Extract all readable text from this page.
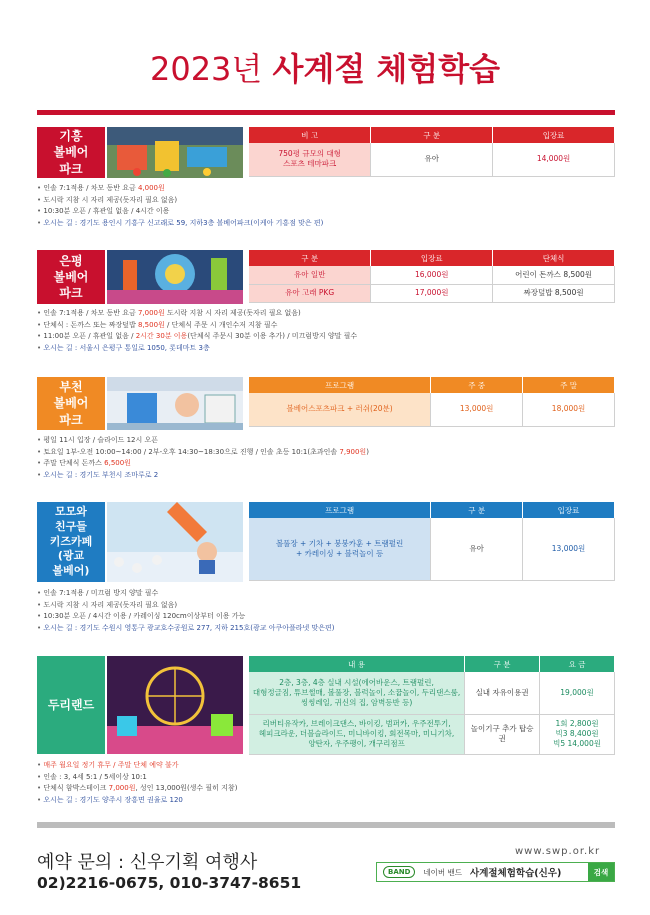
2023년 사계절 체험학습
기흥
볼베어
파크
비 고	구 분	입장료
750평 규모의 대형
스포츠 테마파크	유아	14,000원
• 인솔 7:1적용 / 차모 동반 요금 4,000원
• 도시락 지참 시 자리 제공(돗자리 필요 없음)
• 10:30분 오픈 / 휴관일 없음 / 4시간 이용
• 오시는 길 : 경기도 용인시 기흥구 신고래로 59, 지하3층 볼베어파크(이케아 기흥점 맞은 편)
은평
볼베어
파크
구 분	입장료	단체식
유아 일반	16,000원	어린이 돈까스 8,500원
유아 고래 PKG	17,000원	짜장덮밥 8,500원
• 인솔 7:1적용 / 차모 동반 요금 7,000원 도시락 지참 시 자리 제공(돗자리 필요 없음)
• 단체식 : 돈까스 또는 짜장덮밥 8,500원 / 단체식 주문 시 개인수저 지참 필수
• 11:00분 오픈 / 휴관일 없음 / 2시간 30분 이용(단체식 주문시 30분 이용 추가) / 미끄럼방지 양말 필수
• 오시는 길 : 서울시 은평구 통일로 1050, 롯데마트 3층
부천
볼베어
파크
프로그램	주 중	주 말
볼베어스포츠파크 + 러쉬(20분)	13,000원	18,000원
• 평일 11시 입장 / 슬라이드 12시 오픈
• 토요일 1부-오전 10:00~14:00 / 2부-오후 14:30~18:30으로 진행 / 인솔 초등 10:1(초과인솔 7,900원)
• 주말 단체식 돈까스 6,500원
• 오시는 길 : 경기도 부천시 조마루로 2
모모와
친구들
키즈카페
(광교
볼베어)
프로그램	구 분	입장료
볼풀장 + 기차 + 붕붕카훈 + 트램펄린
+ 카레이싱 + 블럭놀이 등	유아	13,000원
• 인솔 7:1적용 / 미끄럼 방지 양말 필수
• 도시락 지참 시 자리 제공(돗자리 필요 없음)
• 10:30분 오픈 / 4시간 이용 / 카레이싱 120cm이상부터 이용 가능
• 오시는 길 : 경기도 수원시 영통구 광교호수공원로 277, 지하 215호(광교 아쿠아플라넷 맞은편)
두리랜드
내 용	구 분	요 금
2층, 3층, 4층 실내 시설(에어바운스, 트램펄린,
대형정글짐, 튜브썰매, 볼풀장, 블럭놀이, 소꿉놀이, 두리댄스룸,
씽씽레일, 귀신의 집, 암벽등반 등)	실내 자유이용권	19,000원
리버티유작카, 브레이크댄스, 바이킹, 범퍼카, 우주전투기,
헤피크라운, 더블슬라이드, 미니바이킹, 회전목마, 미니기차,
양탄자, 우주팽이, 개구리점프	놀이기구 추가 탑승권	1회 2,800원
빅3 8,400원
빅5 14,000원
• 매주 월요일 정기 휴무 / 주말 단체 예약 불가
• 인솔 : 3, 4세 5:1 / 5세이상 10:1
• 단체식 함박스테이크 7,000원, 성인 13,000원(생수 필히 지참)
• 오시는 길 : 경기도 양주시 장흥면 권율로 120
예약 문의 : 신우기획 여행사
02)2216-0675, 010-3747-8651
www.swp.or.kr
BAND	네이버 밴드 사계절체험학습(신우)	검색
